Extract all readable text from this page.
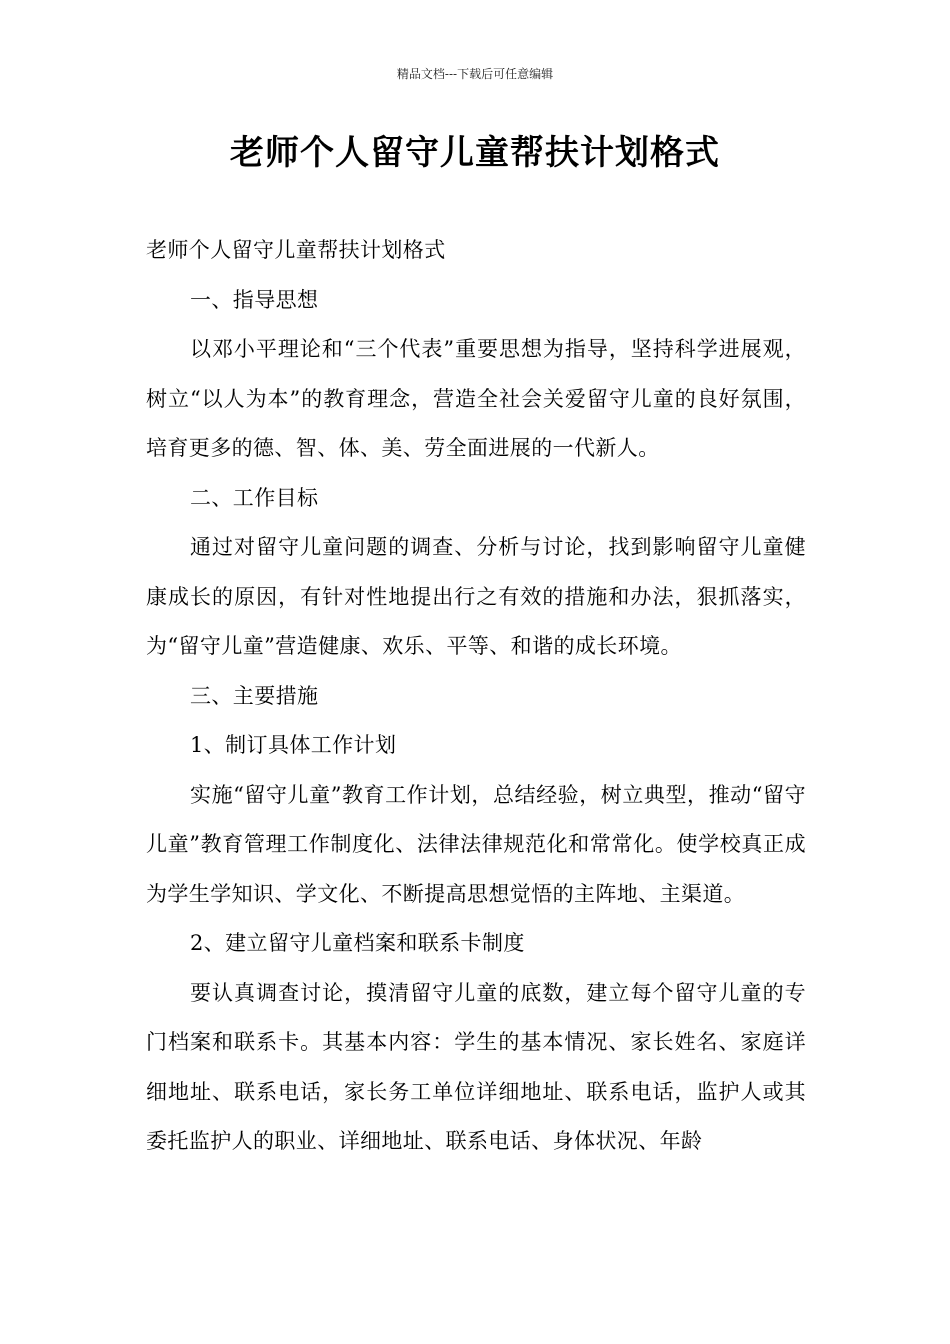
精品文档---下载后可任意编辑
老师个人留守儿童帮扶计划格式

老师个人留守儿童帮扶计划格式

一、指导思想

以邓小平理论和“三个代表”重要思想为指导，坚持科学进展观，树立“以人为本”的教育理念，营造全社会关爱留守儿童的良好氛围，培育更多的德、智、体、美、劳全面进展的一代新人。

二、工作目标

通过对留守儿童问题的调查、分析与讨论，找到影响留守儿童健康成长的原因，有针对性地提出行之有效的措施和办法，狠抓落实，为“留守儿童”营造健康、欢乐、平等、和谐的成长环境。

三、主要措施

1、制订具体工作计划

实施“留守儿童”教育工作计划，总结经验，树立典型，推动“留守儿童”教育管理工作制度化、法律法律规范化和常常化。使学校真正成为学生学知识、学文化、不断提高思想觉悟的主阵地、主渠道。

2、建立留守儿童档案和联系卡制度

要认真调查讨论，摸清留守儿童的底数，建立每个留守儿童的专门档案和联系卡。其基本内容：学生的基本情况、家长姓名、家庭详细地址、联系电话，家长务工单位详细地址、联系电话，监护人或其委托监护人的职业、详细地址、联系电话、身体状况、年龄
